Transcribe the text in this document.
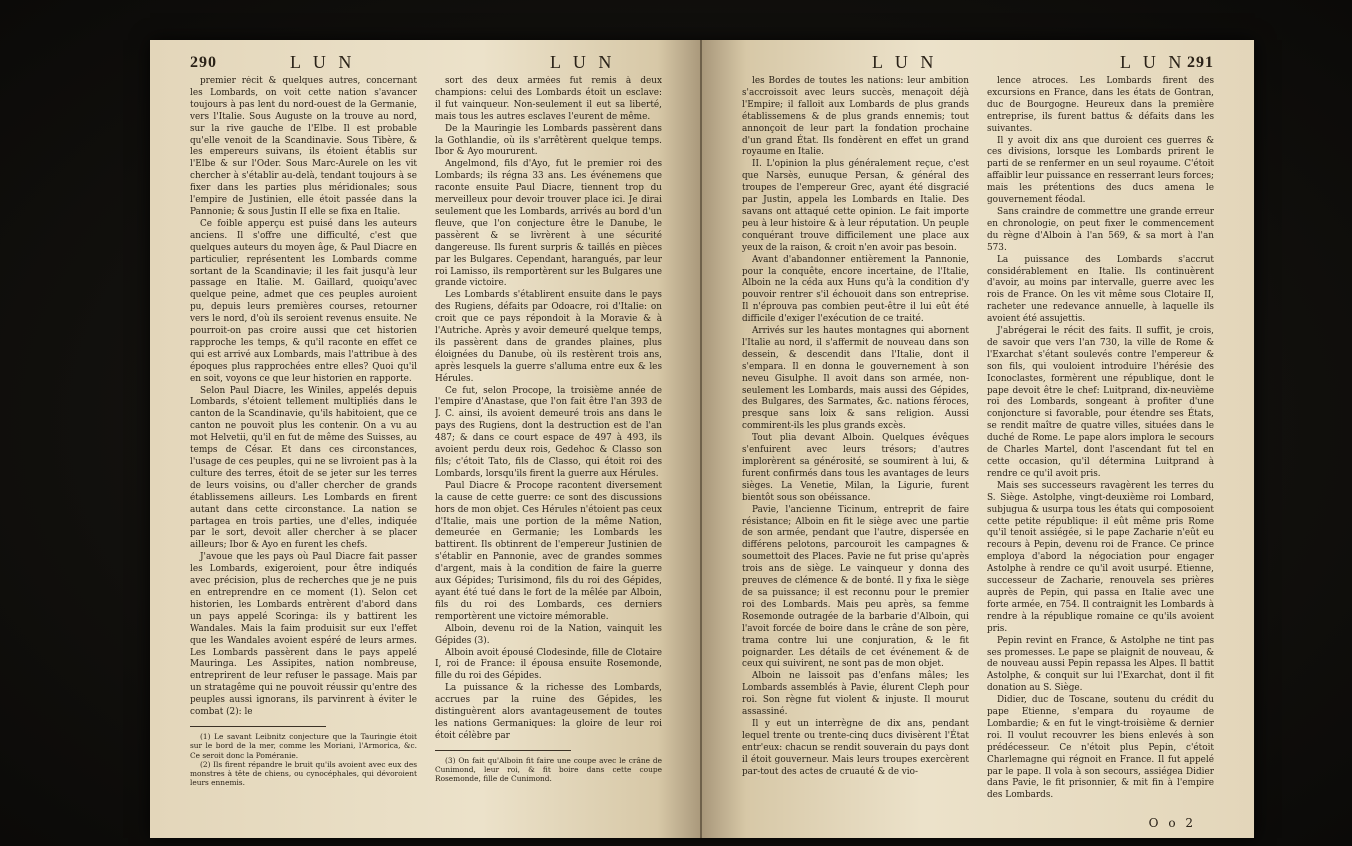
290	L U N	L U N

premier récit & quelques autres, concernant les Lombards, on voit cette nation s'avancer toujours à pas lent du nord-ouest de la Germanie, vers l'Italie. Sous Auguste on la trouve au nord, sur la rive gauche de l'Elbe. Il est probable qu'elle venoit de la Scandinavie. Sous Tibère, & les empereurs suivans, ils étoient établis sur l'Elbe & sur l'Oder. Sous Marc-Aurele on les vit chercher à s'établir au-delà, tendant toujours à se fixer dans les parties plus méridionales; sous l'empire de Justinien, elle étoit passée dans la Pannonie; & sous Justin II elle se fixa en Italie.

Ce foible apperçu est puisé dans les auteurs anciens. Il s'offre une difficulté, c'est que quelques auteurs du moyen âge, & Paul Diacre en particulier, représentent les Lombards comme sortant de la Scandinavie; il les fait jusqu'à leur passage en Italie. M. Gaillard, quoiqu'avec quelque peine, admet que ces peuples auroient pu, depuis leurs premières courses, retourner vers le nord, d'où ils seroient revenus ensuite. Ne pourroit-on pas croire aussi que cet historien rapproche les temps, & qu'il raconte en effet ce qui est arrivé aux Lombards, mais l'attribue à des époques plus rapprochées entre elles? Quoi qu'il en soit, voyons ce que leur historien en rapporte.

Selon Paul Diacre, les Winiles, appelés depuis Lombards, s'étoient tellement multipliés dans le canton de la Scandinavie, qu'ils habitoient, que ce canton ne pouvoit plus les contenir. On a vu au mot Helvetii, qu'il en fut de même des Suisses, au temps de César. Et dans ces circonstances, l'usage de ces peuples, qui ne se livroient pas à la culture des terres, étoit de se jeter sur les terres de leurs voisins, ou d'aller chercher de grands établissemens ailleurs. Les Lombards en firent autant dans cette circonstance. La nation se partagea en trois parties, une d'elles, indiquée par le sort, devoit aller chercher à se placer ailleurs; Ibor & Ayo en furent les chefs.

J'avoue que les pays où Paul Diacre fait passer les Lombards, exigeroient, pour être indiqués avec précision, plus de recherches que je ne puis en entreprendre en ce moment (1). Selon cet historien, les Lombards entrèrent d'abord dans un pays appelé Scoringa: ils y battirent les Wandales. Mais la faim produisit sur eux l'effet que les Wandales avoient espéré de leurs armes. Les Lombards passèrent dans le pays appelé Mauringa. Les Assipites, nation nombreuse, entreprirent de leur refuser le passage. Mais par un stratagême qui ne pouvoit réussir qu'entre des peuples aussi ignorans, ils parvinrent à éviter le combat (2): le

(1) Le savant Leibnitz conjecture que la Tauringie étoit sur le bord de la mer, comme les Moriani, l'Armorica, &c. Ce seroit donc la Poméranie.

(2) Ils firent répandre le bruit qu'ils avoient avec eux des monstres à tête de chiens, ou cynocéphales, qui dévoroient leurs ennemis.

sort des deux armées fut remis à deux champions: celui des Lombards étoit un esclave: il fut vainqueur. Non-seulement il eut sa liberté, mais tous les autres esclaves l'eurent de même.

De la Mauringie les Lombards passèrent dans la Gothlandie, où ils s'arrêtèrent quelque temps. Ibor & Ayo moururent.

Angelmond, fils d'Ayo, fut le premier roi des Lombards; ils régna 33 ans. Les événemens que raconte ensuite Paul Diacre, tiennent trop du merveilleux pour devoir trouver place ici. Je dirai seulement que les Lombards, arrivés au bord d'un fleuve, que l'on conjecture être le Danube, le passèrent & se livrèrent à une sécurité dangereuse. Ils furent surpris & taillés en pièces par les Bulgares. Cependant, harangués, par leur roi Lamisso, ils remportèrent sur les Bulgares une grande victoire.

Les Lombards s'établirent ensuite dans le pays des Rugiens, défaits par Odoacre, roi d'Italie: on croit que ce pays répondoit à la Moravie & à l'Autriche. Après y avoir demeuré quelque temps, ils passèrent dans de grandes plaines, plus éloignées du Danube, où ils restèrent trois ans, après lesquels la guerre s'alluma entre eux & les Hérules.

Ce fut, selon Procope, la troisième année de l'empire d'Anastase, que l'on fait être l'an 393 de J. C. ainsi, ils avoient demeuré trois ans dans le pays des Rugiens, dont la destruction est de l'an 487; & dans ce court espace de 497 à 493, ils avoient perdu deux rois, Gedehoc & Classo son fils; c'étoit Tato, fils de Classo, qui étoit roi des Lombards, lorsqu'ils firent la guerre aux Hérules.

Paul Diacre & Procope racontent diversement la cause de cette guerre: ce sont des discussions hors de mon objet. Ces Hérules n'étoient pas ceux d'Italie, mais une portion de la même Nation, demeurée en Germanie; les Lombards les battirent. Ils obtinrent de l'empereur Justinien de s'établir en Pannonie, avec de grandes sommes d'argent, mais à la condition de faire la guerre aux Gépides; Turisimond, fils du roi des Gépides, ayant été tué dans le fort de la mêlée par Alboin, fils du roi des Lombards, ces derniers remportèrent une victoire mémorable.

Alboin, devenu roi de la Nation, vainquit les Gépides (3).

Alboin avoit épousé Clodesinde, fille de Clotaire I, roi de France: il épousa ensuite Rosemonde, fille du roi des Gépides.

La puissance & la richesse des Lombards, accrues par la ruine des Gépides, les distinguèrent alors avantageusement de toutes les nations Germaniques: la gloire de leur roi étoit célèbre par

(3) On fait qu'Alboin fit faire une coupe avec le crâne de Cunimond, leur roi, & fit boire dans cette coupe Rosemonde, fille de Cunimond.

L U N	L U N 291

les Bordes de toutes les nations: leur ambition s'accroissoit avec leurs succès, menaçoit déjà l'Empire; il falloit aux Lombards de plus grands établissemens & de plus grands ennemis; tout annonçoit de leur part la fondation prochaine d'un grand État. Ils fondèrent en effet un grand royaume en Italie.

II. L'opinion la plus généralement reçue, c'est que Narsès, eunuque Persan, & général des troupes de l'empereur Grec, ayant été disgracié par Justin, appela les Lombards en Italie. Des savans ont attaqué cette opinion. Le fait importe peu à leur histoire & à leur réputation. Un peuple conquérant trouve difficilement une place aux yeux de la raison, & croit n'en avoir pas besoin.

Avant d'abandonner entièrement la Pannonie, pour la conquête, encore incertaine, de l'Italie, Alboin ne la céda aux Huns qu'à la condition d'y pouvoir rentrer s'il échouoit dans son entreprise. Il n'éprouva pas combien peut-être il lui eût été difficile d'exiger l'exécution de ce traité.

Arrivés sur les hautes montagnes qui abornent l'Italie au nord, il s'affermit de nouveau dans son dessein, & descendit dans l'Italie, dont il s'empara. Il en donna le gouvernement à son neveu Gisulphe. Il avoit dans son armée, non-seulement les Lombards, mais aussi des Gépides, des Bulgares, des Sarmates, &c. nations féroces, presque sans loix & sans religion. Aussi commirent-ils les plus grands excès.

Tout plia devant Alboin. Quelques évêques s'enfuirent avec leurs trésors; d'autres implorèrent sa générosité, se soumirent à lui, & furent confirmés dans tous les avantages de leurs sièges. La Venetie, Milan, la Ligurie, furent bientôt sous son obéissance.

Pavie, l'ancienne Ticinum, entreprit de faire résistance; Alboin en fit le siège avec une partie de son armée, pendant que l'autre, dispersée en différens pelotons, parcouroit les campagnes & soumettoit des Places. Pavie ne fut prise qu'après trois ans de siège. Le vainqueur y donna des preuves de clémence & de bonté. Il y fixa le siège de sa puissance; il est reconnu pour le premier roi des Lombards. Mais peu après, sa femme Rosemonde outragée de la barbarie d'Alboin, qui l'avoit forcée de boire dans le crâne de son père, trama contre lui une conjuration, & le fit poignarder. Les détails de cet événement & de ceux qui suivirent, ne sont pas de mon objet.

Alboin ne laissoit pas d'enfans mâles; les Lombards assemblés à Pavie, élurent Cleph pour roi. Son règne fut violent & injuste. Il mourut assassiné.

Il y eut un interrègne de dix ans, pendant lequel trente ou trente-cinq ducs divisèrent l'État entr'eux: chacun se rendit souverain du pays dont il étoit gouverneur. Mais leurs troupes exercèrent par-tout des actes de cruauté & de vio-

lence atroces. Les Lombards firent des excursions en France, dans les états de Gontran, duc de Bourgogne. Heureux dans la première entreprise, ils furent battus & défaits dans les suivantes.

Il y avoit dix ans que duroient ces guerres & ces divisions, lorsque les Lombards prirent le parti de se renfermer en un seul royaume. C'étoit affaiblir leur puissance en resserrant leurs forces; mais les prétentions des ducs amena le gouvernement féodal.

Sans craindre de commettre une grande erreur en chronologie, on peut fixer le commencement du règne d'Alboin à l'an 569, & sa mort à l'an 573.

La puissance des Lombards s'accrut considérablement en Italie. Ils continuèrent d'avoir, au moins par intervalle, guerre avec les rois de France. On les vit même sous Clotaire II, racheter une redevance annuelle, à laquelle ils avoient été assujettis.

J'abrégerai le récit des faits. Il suffit, je crois, de savoir que vers l'an 730, la ville de Rome & l'Exarchat s'étant soulevés contre l'empereur & son fils, qui vouloient introduire l'hérésie des Iconoclastes, formèrent une république, dont le pape devoit être le chef: Luitprand, dix-neuvième roi des Lombards, songeant à profiter d'une conjoncture si favorable, pour étendre ses États, se rendit maître de quatre villes, situées dans le duché de Rome. Le pape alors implora le secours de Charles Martel, dont l'ascendant fut tel en cette occasion, qu'il détermina Luitprand à rendre ce qu'il avoit pris.

Mais ses successeurs ravagèrent les terres du S. Siège. Astolphe, vingt-deuxième roi Lombard, subjugua & usurpa tous les états qui composoient cette petite république: il eût même pris Rome qu'il tenoit assiégée, si le pape Zacharie n'eût eu recours à Pepin, devenu roi de France. Ce prince employa d'abord la négociation pour engager Astolphe à rendre ce qu'il avoit usurpé. Etienne, successeur de Zacharie, renouvela ses prières auprès de Pepin, qui passa en Italie avec une forte armée, en 754. Il contraignit les Lombards à rendre à la république romaine ce qu'ils avoient pris.

Pepin revint en France, & Astolphe ne tint pas ses promesses. Le pape se plaignit de nouveau, & de nouveau aussi Pepin repassa les Alpes. Il battit Astolphe, & conquit sur lui l'Exarchat, dont il fit donation au S. Siège.

Didier, duc de Toscane, soutenu du crédit du pape Etienne, s'empara du royaume de Lombardie; & en fut le vingt-troisième & dernier roi. Il voulut recouvrer les biens enlevés à son prédécesseur. Ce n'étoit plus Pepin, c'étoit Charlemagne qui régnoit en France. Il fut appelé par le pape. Il vola à son secours, assiégea Didier dans Pavie, le fit prisonnier, & mit fin à l'empire des Lombards.

O o 2
